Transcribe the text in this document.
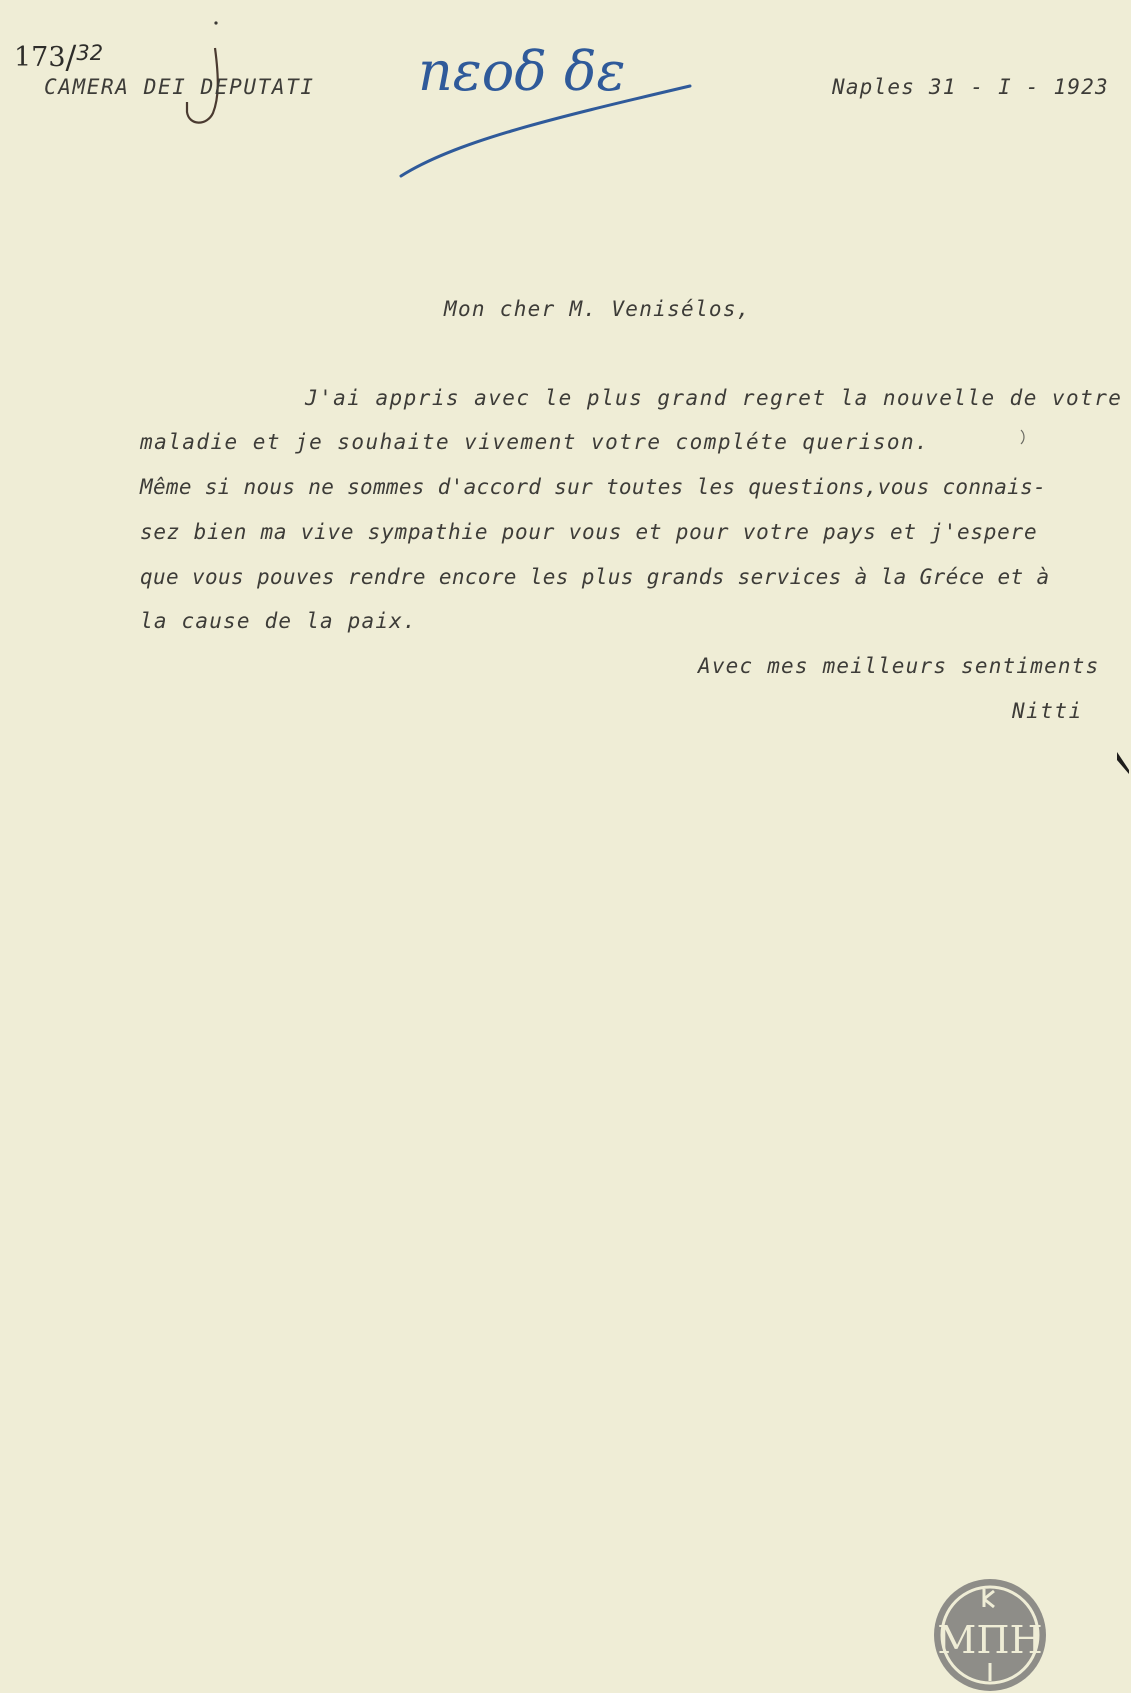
173/$^{32}$

CAMERA DEI DEPUTATI nεοδ δε	Naples 31 - I - 1923

Mon cher M. Venisélos,

J'ai appris avec le plus grand regret la nouvelle de votre
maladie et je souhaite vivement votre compléte querison.
Même si nous ne sommes d'accord sur toutes les questions,vous connais-
sez bien ma vive sympathie pour vous et pour votre pays et j'espere
que vous pouves rendre encore les plus grands services à la Gréce et à
la cause de la paix.

Avec mes meilleurs sentiments

Nitti

ΜΠΗ
